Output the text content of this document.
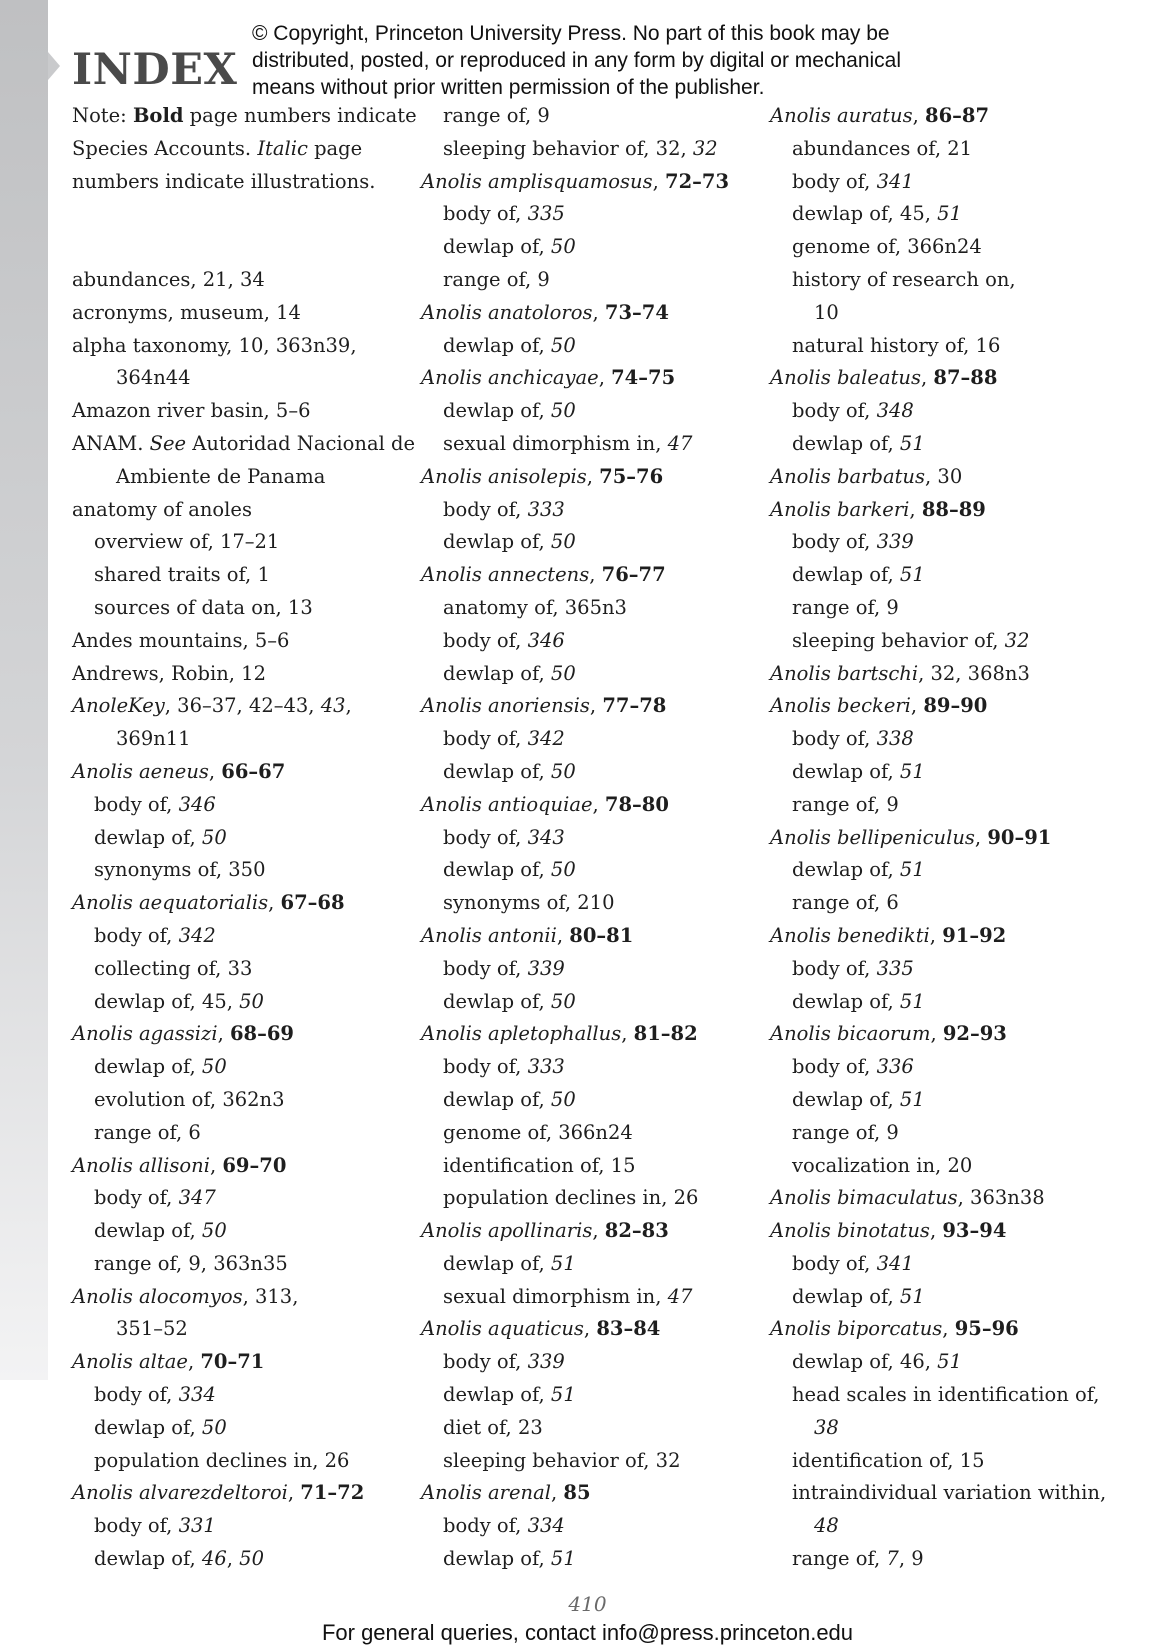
INDEX
© Copyright, Princeton University Press. No part of this book may be
distributed, posted, or reproduced in any form by digital or mechanical
means without prior written permission of the publisher.
Note: Bold page numbers indicate
Species Accounts. Italic page
numbers indicate illustrations.
abundances, 21, 34
acronyms, museum, 14
alpha taxonomy, 10, 363n39,
364n44
Amazon river basin, 5–6
ANAM. See Autoridad Nacional de
Ambiente de Panama
anatomy of anoles
overview of, 17–21
shared traits of, 1
sources of data on, 13
Andes mountains, 5–6
Andrews, Robin, 12
AnoleKey, 36–37, 42–43, 43,
369n11
Anolis aeneus, 66–67
body of, 346
dewlap of, 50
synonyms of, 350
Anolis aequatorialis, 67–68
body of, 342
collecting of, 33
dewlap of, 45, 50
Anolis agassizi, 68–69
dewlap of, 50
evolution of, 362n3
range of, 6
Anolis allisoni, 69–70
body of, 347
dewlap of, 50
range of, 9, 363n35
Anolis alocomyos, 313,
351–52
Anolis altae, 70–71
body of, 334
dewlap of, 50
population declines in, 26
Anolis alvarezdeltoroi, 71–72
body of, 331
dewlap of, 46, 50
range of, 9
sleeping behavior of, 32, 32
Anolis amplisquamosus, 72–73
body of, 335
dewlap of, 50
range of, 9
Anolis anatoloros, 73–74
dewlap of, 50
Anolis anchicayae, 74–75
dewlap of, 50
sexual dimorphism in, 47
Anolis anisolepis, 75–76
body of, 333
dewlap of, 50
Anolis annectens, 76–77
anatomy of, 365n3
body of, 346
dewlap of, 50
Anolis anoriensis, 77–78
body of, 342
dewlap of, 50
Anolis antioquiae, 78–80
body of, 343
dewlap of, 50
synonyms of, 210
Anolis antonii, 80–81
body of, 339
dewlap of, 50
Anolis apletophallus, 81–82
body of, 333
dewlap of, 50
genome of, 366n24
identification of, 15
population declines in, 26
Anolis apollinaris, 82–83
dewlap of, 51
sexual dimorphism in, 47
Anolis aquaticus, 83–84
body of, 339
dewlap of, 51
diet of, 23
sleeping behavior of, 32
Anolis arenal, 85
body of, 334
dewlap of, 51
Anolis auratus, 86–87
abundances of, 21
body of, 341
dewlap of, 45, 51
genome of, 366n24
history of research on,
10
natural history of, 16
Anolis baleatus, 87–88
body of, 348
dewlap of, 51
Anolis barbatus, 30
Anolis barkeri, 88–89
body of, 339
dewlap of, 51
range of, 9
sleeping behavior of, 32
Anolis bartschi, 32, 368n3
Anolis beckeri, 89–90
body of, 338
dewlap of, 51
range of, 9
Anolis bellipeniculus, 90–91
dewlap of, 51
range of, 6
Anolis benedikti, 91–92
body of, 335
dewlap of, 51
Anolis bicaorum, 92–93
body of, 336
dewlap of, 51
range of, 9
vocalization in, 20
Anolis bimaculatus, 363n38
Anolis binotatus, 93–94
body of, 341
dewlap of, 51
Anolis biporcatus, 95–96
dewlap of, 46, 51
head scales in identification of,
38
identification of, 15
intraindividual variation within,
48
range of, 7, 9
410
For general queries, contact info@press.princeton.edu
